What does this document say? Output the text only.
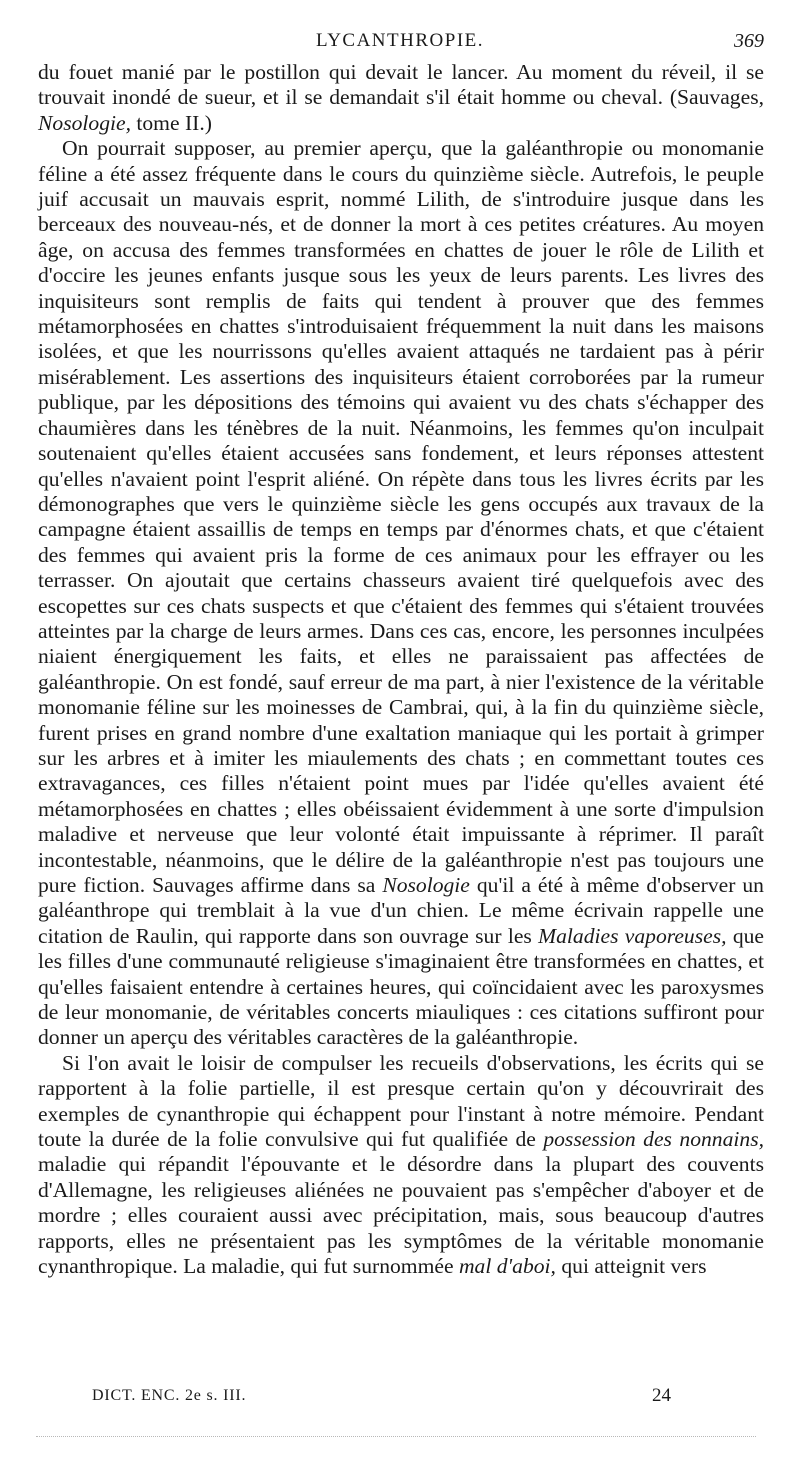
LYCANTHROPIE.	369

du fouet manié par le postillon qui devait le lancer. Au moment du réveil, il se trouvait inondé de sueur, et il se demandait s'il était homme ou cheval. (Sauvages, Nosologie, tome II.)

On pourrait supposer, au premier aperçu, que la galéanthropie ou monomanie féline a été assez fréquente dans le cours du quinzième siècle. Autrefois, le peuple juif accusait un mauvais esprit, nommé Lilith, de s'introduire jusque dans les berceaux des nouveau-nés, et de donner la mort à ces petites créatures. Au moyen âge, on accusa des femmes transformées en chattes de jouer le rôle de Lilith et d'occire les jeunes enfants jusque sous les yeux de leurs parents. Les livres des inquisiteurs sont remplis de faits qui tendent à prouver que des femmes métamorphosées en chattes s'introduisaient fréquemment la nuit dans les maisons isolées, et que les nourrissons qu'elles avaient attaqués ne tardaient pas à périr misérablement. Les assertions des inquisiteurs étaient corroborées par la rumeur publique, par les dépositions des témoins qui avaient vu des chats s'échapper des chaumières dans les ténèbres de la nuit. Néanmoins, les femmes qu'on inculpait soutenaient qu'elles étaient accusées sans fondement, et leurs réponses attestent qu'elles n'avaient point l'esprit aliéné. On répète dans tous les livres écrits par les démonographes que vers le quinzième siècle les gens occupés aux travaux de la campagne étaient assaillis de temps en temps par d'énormes chats, et que c'étaient des femmes qui avaient pris la forme de ces animaux pour les effrayer ou les terrasser. On ajoutait que certains chasseurs avaient tiré quelquefois avec des escopettes sur ces chats suspects et que c'étaient des femmes qui s'étaient trouvées atteintes par la charge de leurs armes. Dans ces cas, encore, les personnes inculpées niaient énergiquement les faits, et elles ne paraissaient pas affectées de galéanthropie. On est fondé, sauf erreur de ma part, à nier l'existence de la véritable monomanie féline sur les moinesses de Cambrai, qui, à la fin du quinzième siècle, furent prises en grand nombre d'une exaltation maniaque qui les portait à grimper sur les arbres et à imiter les miaulements des chats ; en commettant toutes ces extravagances, ces filles n'étaient point mues par l'idée qu'elles avaient été métamorphosées en chattes ; elles obéissaient évidemment à une sorte d'impulsion maladive et nerveuse que leur volonté était impuissante à réprimer. Il paraît incontestable, néanmoins, que le délire de la galéanthropie n'est pas toujours une pure fiction. Sauvages affirme dans sa Nosologie qu'il a été à même d'observer un galéanthrope qui tremblait à la vue d'un chien. Le même écrivain rappelle une citation de Raulin, qui rapporte dans son ouvrage sur les Maladies vaporeuses, que les filles d'une communauté religieuse s'imaginaient être transformées en chattes, et qu'elles faisaient entendre à certaines heures, qui coïncidaient avec les paroxysmes de leur monomanie, de véritables concerts miauliques : ces citations suffiront pour donner un aperçu des véritables caractères de la galéanthropie.

Si l'on avait le loisir de compulser les recueils d'observations, les écrits qui se rapportent à la folie partielle, il est presque certain qu'on y découvrirait des exemples de cynanthropie qui échappent pour l'instant à notre mémoire. Pendant toute la durée de la folie convulsive qui fut qualifiée de possession des nonnains, maladie qui répandit l'épouvante et le désordre dans la plupart des couvents d'Allemagne, les religieuses aliénées ne pouvaient pas s'empêcher d'aboyer et de mordre ; elles couraient aussi avec précipitation, mais, sous beaucoup d'autres rapports, elles ne présentaient pas les symptômes de la véritable monomanie cynanthropique. La maladie, qui fut surnommée mal d'aboi, qui atteignit vers

DICT. ENC. 2e s. III.	24
